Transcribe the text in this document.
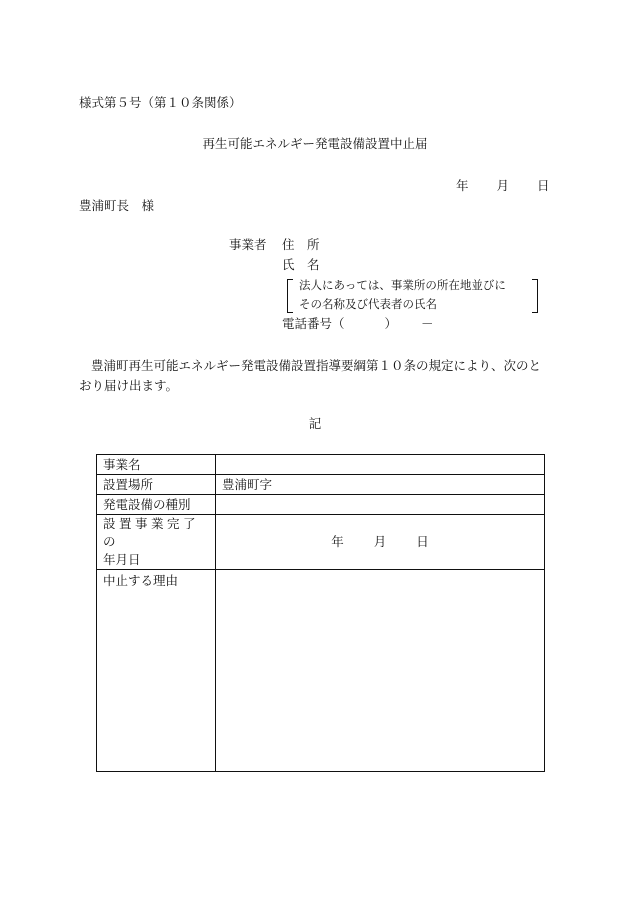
様式第５号（第１０条関係）
再生可能エネルギー発電設備設置中止届
年 月 日
豊浦町長　様
事業者 住　所
氏　名
法人にあっては、事業所の所在地並びに
その名称及び代表者の氏名
電話番号（	） －
豊浦町再生可能エネルギー発電設備設置指導要綱第１０条の規定により、次のとおり届け出ます。
記
事業名	
設置場所	豊浦町字
発電設備の種別	

設置事業完了の
年月日	年 月 日
中止する理由	
